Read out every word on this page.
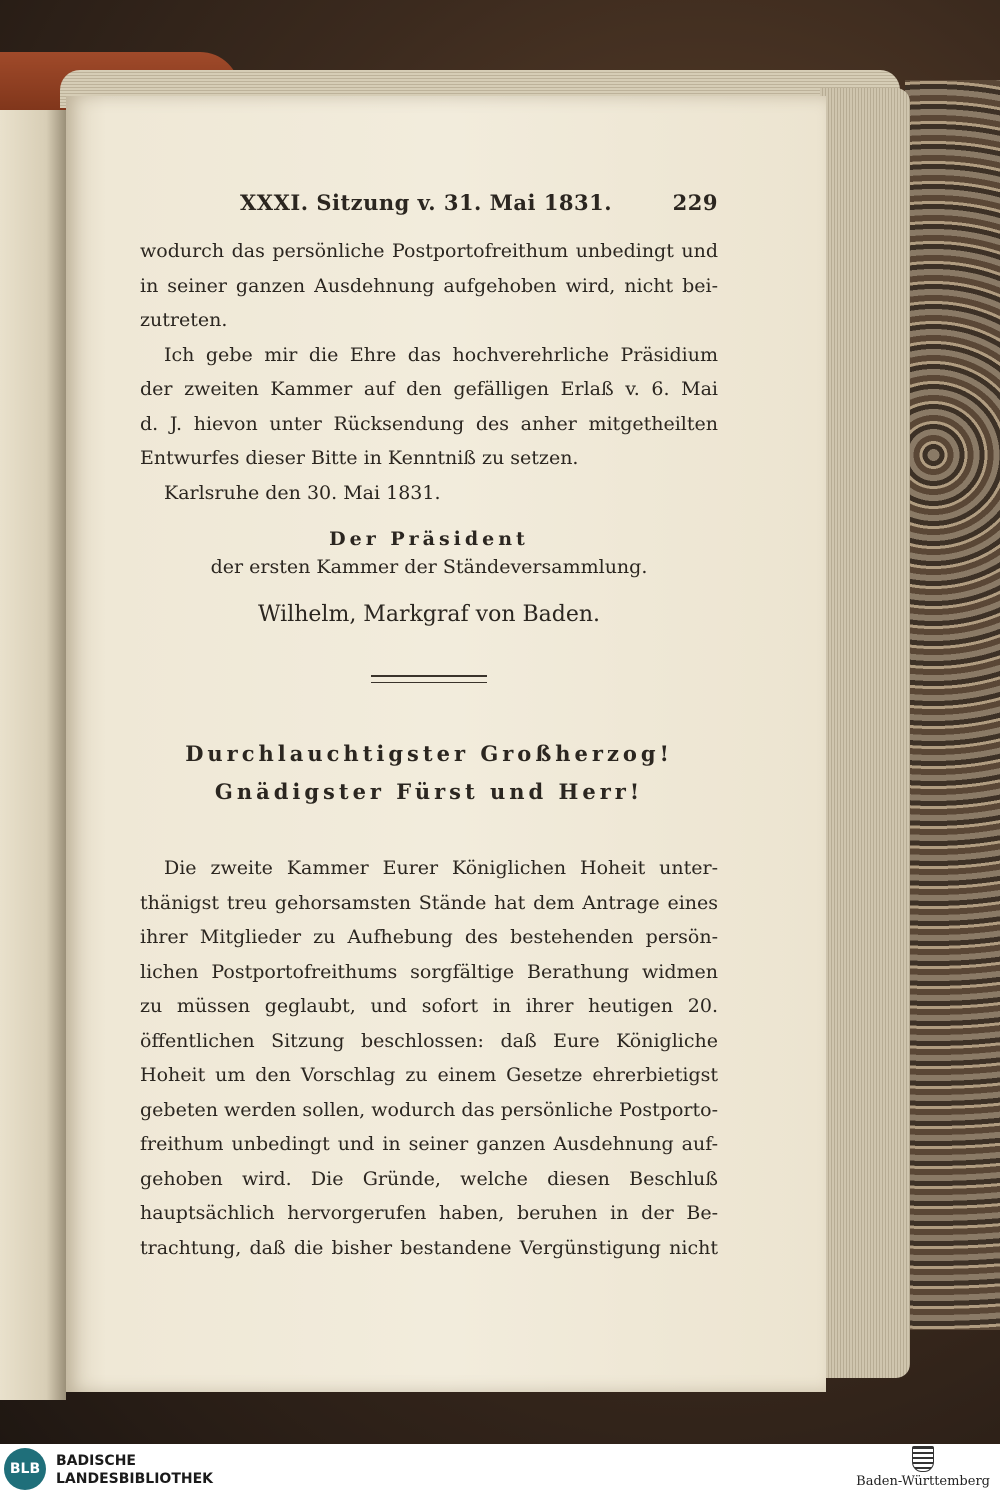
XXXI. Sitzung v. 31. Mai 1831.	229
wodurch das persönliche Postportofreithum unbedingt und
in seiner ganzen Ausdehnung aufgehoben wird, nicht bei-
zutreten.
Ich gebe mir die Ehre das hochverehrliche Präsidium
der zweiten Kammer auf den gefälligen Erlaß v. 6. Mai
d. J. hievon unter Rücksendung des anher mitgetheilten
Entwurfes dieser Bitte in Kenntniß zu setzen.
Karlsruhe den 30. Mai 1831.
Der Präsident
der ersten Kammer der Ständeversammlung.
Wilhelm, Markgraf von Baden.
Durchlauchtigster Großherzog!
Gnädigster Fürst und Herr!
Die zweite Kammer Eurer Königlichen Hoheit unter-
thänigst treu gehorsamsten Stände hat dem Antrage eines
ihrer Mitglieder zu Aufhebung des bestehenden persön-
lichen Postportofreithums sorgfältige Berathung widmen
zu müssen geglaubt, und sofort in ihrer heutigen 20.
öffentlichen Sitzung beschlossen: daß Eure Königliche
Hoheit um den Vorschlag zu einem Gesetze ehrerbietigst
gebeten werden sollen, wodurch das persönliche Postporto-
freithum unbedingt und in seiner ganzen Ausdehnung auf-
gehoben wird. Die Gründe, welche diesen Beschluß
hauptsächlich hervorgerufen haben, beruhen in der Be-
trachtung, daß die bisher bestandene Vergünstigung nicht
BLB	BADISCHE
LANDESBIBLIOTHEK	Baden-Württemberg
